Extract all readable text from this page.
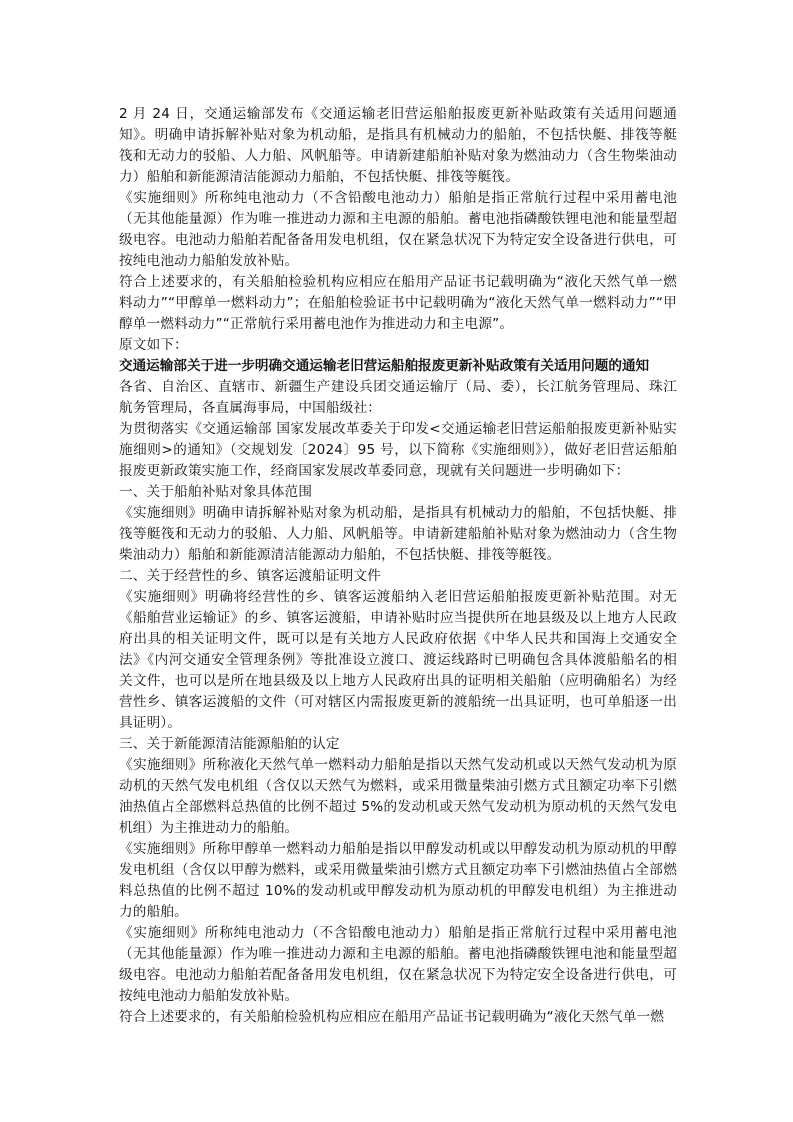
2 月 24 日，交通运输部发布《交通运输老旧营运船舶报废更新补贴政策有关适用问题通知》。明确申请拆解补贴对象为机动船，是指具有机械动力的船舶，不包括快艇、排筏等艇筏和无动力的驳船、人力船、风帆船等。申请新建船舶补贴对象为燃油动力（含生物柴油动力）船舶和新能源清洁能源动力船舶，不包括快艇、排筏等艇筏。

《实施细则》所称纯电池动力（不含铅酸电池动力）船舶是指正常航行过程中采用蓄电池（无其他能量源）作为唯一推进动力源和主电源的船舶。蓄电池指磷酸铁锂电池和能量型超级电容。电池动力船舶若配备备用发电机组，仅在紧急状况下为特定安全设备进行供电，可按纯电池动力船舶发放补贴。

符合上述要求的，有关船舶检验机构应相应在船用产品证书记载明确为“液化天然气单一燃料动力”“甲醇单一燃料动力”；在船舶检验证书中记载明确为“液化天然气单一燃料动力”“甲醇单一燃料动力”“正常航行采用蓄电池作为推进动力和主电源”。

原文如下：

交通运输部关于进一步明确交通运输老旧营运船舶报废更新补贴政策有关适用问题的通知

各省、自治区、直辖市、新疆生产建设兵团交通运输厅（局、委），长江航务管理局、珠江航务管理局，各直属海事局，中国船级社：

为贯彻落实《交通运输部 国家发展改革委关于印发<交通运输老旧营运船舶报废更新补贴实施细则>的通知》（交规划发〔2024〕95 号，以下简称《实施细则》），做好老旧营运船舶报废更新政策实施工作，经商国家发展改革委同意，现就有关问题进一步明确如下：

一、关于船舶补贴对象具体范围

《实施细则》明确申请拆解补贴对象为机动船，是指具有机械动力的船舶，不包括快艇、排筏等艇筏和无动力的驳船、人力船、风帆船等。申请新建船舶补贴对象为燃油动力（含生物柴油动力）船舶和新能源清洁能源动力船舶，不包括快艇、排筏等艇筏。

二、关于经营性的乡、镇客运渡船证明文件

《实施细则》明确将经营性的乡、镇客运渡船纳入老旧营运船舶报废更新补贴范围。对无《船舶营业运输证》的乡、镇客运渡船，申请补贴时应当提供所在地县级及以上地方人民政府出具的相关证明文件，既可以是有关地方人民政府依据《中华人民共和国海上交通安全法》《内河交通安全管理条例》等批准设立渡口、渡运线路时已明确包含具体渡船船名的相关文件，也可以是所在地县级及以上地方人民政府出具的证明相关船舶（应明确船名）为经营性乡、镇客运渡船的文件（可对辖区内需报废更新的渡船统一出具证明，也可单船逐一出具证明）。

三、关于新能源清洁能源船舶的认定

《实施细则》所称液化天然气单一燃料动力船舶是指以天然气发动机或以天然气发动机为原动机的天然气发电机组（含仅以天然气为燃料，或采用微量柴油引燃方式且额定功率下引燃油热值占全部燃料总热值的比例不超过 5%的发动机或天然气发动机为原动机的天然气发电机组）为主推进动力的船舶。

《实施细则》所称甲醇单一燃料动力船舶是指以甲醇发动机或以甲醇发动机为原动机的甲醇发电机组（含仅以甲醇为燃料，或采用微量柴油引燃方式且额定功率下引燃油热值占全部燃料总热值的比例不超过 10%的发动机或甲醇发动机为原动机的甲醇发电机组）为主推进动力的船舶。

《实施细则》所称纯电池动力（不含铅酸电池动力）船舶是指正常航行过程中采用蓄电池（无其他能量源）作为唯一推进动力源和主电源的船舶。蓄电池指磷酸铁锂电池和能量型超级电容。电池动力船舶若配备备用发电机组，仅在紧急状况下为特定安全设备进行供电，可按纯电池动力船舶发放补贴。

符合上述要求的，有关船舶检验机构应相应在船用产品证书记载明确为“液化天然气单一燃
